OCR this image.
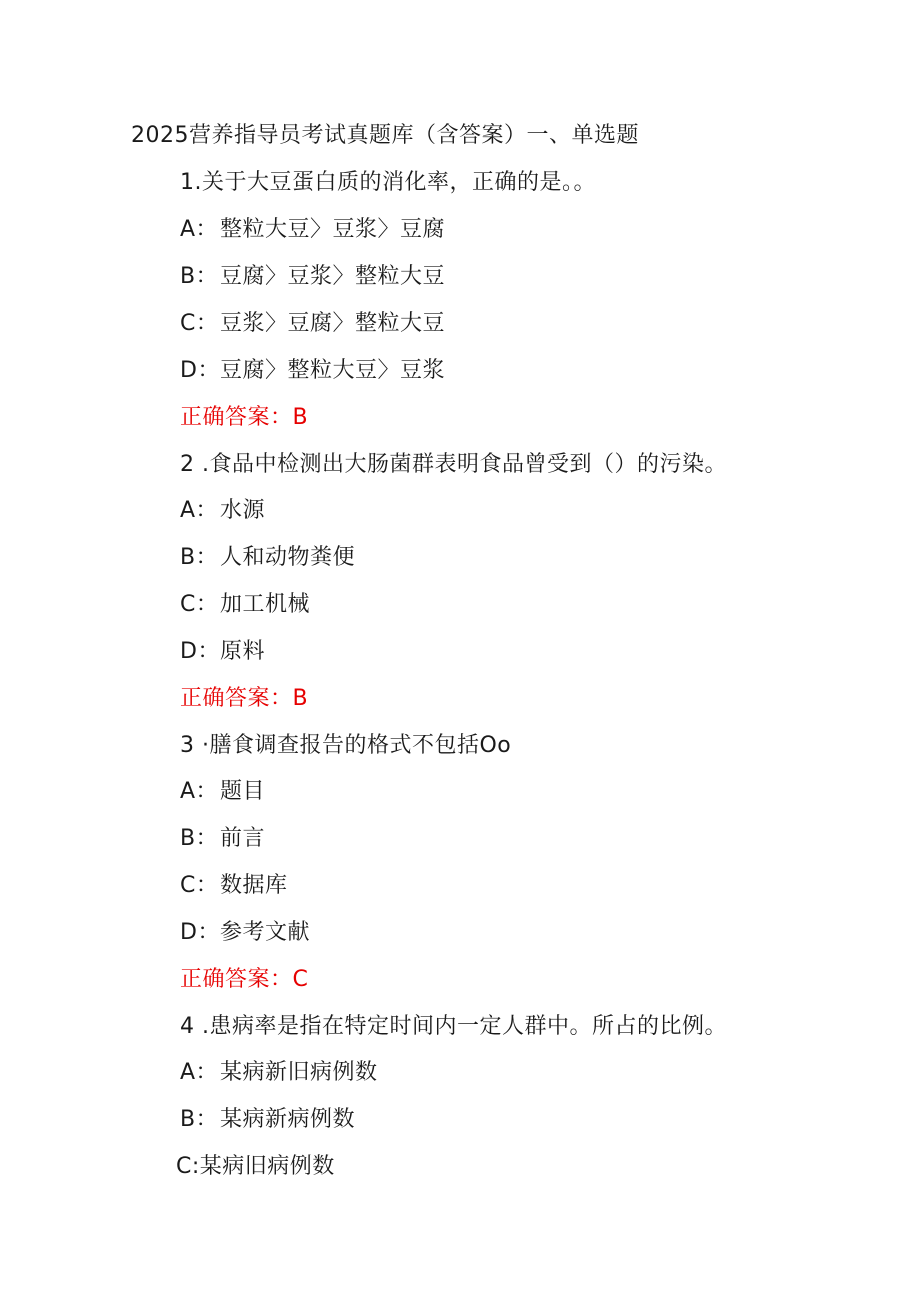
2025营养指导员考试真题库（含答案）一、单选题
1.关于大豆蛋白质的消化率，正确的是。。
A：整粒大豆〉豆浆〉豆腐
B：豆腐〉豆浆〉整粒大豆
C：豆浆〉豆腐〉整粒大豆
D：豆腐〉整粒大豆〉豆浆
正确答案：B
2 .食品中检测出大肠菌群表明食品曾受到（）的污染。
A：水源
B：人和动物粪便
C：加工机械
D：原料
正确答案：B
3 ·膳食调查报告的格式不包括Oo
A：题目
B：前言
C：数据库
D：参考文献
正确答案：C
4 .患病率是指在特定时间内一定人群中。所占的比例。
A：某病新旧病例数
B：某病新病例数
C:某病旧病例数
